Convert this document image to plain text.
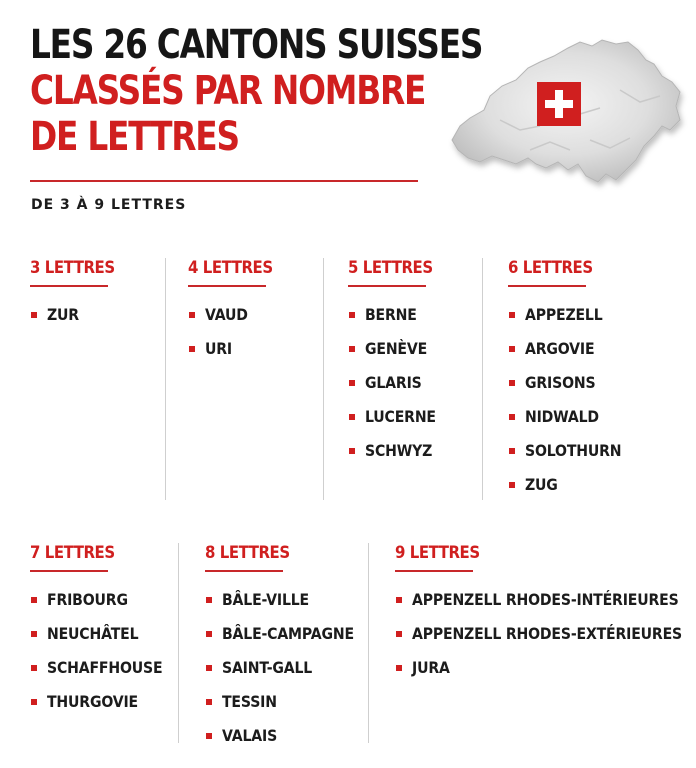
LES 26 CANTONS SUISSES
CLASSÉS PAR NOMBRE
DE LETTRES
DE 3 À 9 LETTRES
3 LETTRES
ZUR
4 LETTRES
VAUD
URI
5 LETTRES
BERNE
GENÈVE
GLARIS
LUCERNE
SCHWYZ
6 LETTRES
APPEZELL
ARGOVIE
GRISONS
NIDWALD
SOLOTHURN
ZUG
7 LETTRES
FRIBOURG
NEUCHÂTEL
SCHAFFHOUSE
THURGOVIE
8 LETTRES
BÂLE-VILLE
BÂLE-CAMPAGNE
SAINT-GALL
TESSIN
VALAIS
9 LETTRES
APPENZELL RHODES-INTÉRIEURES
APPENZELL RHODES-EXTÉRIEURES
JURA
